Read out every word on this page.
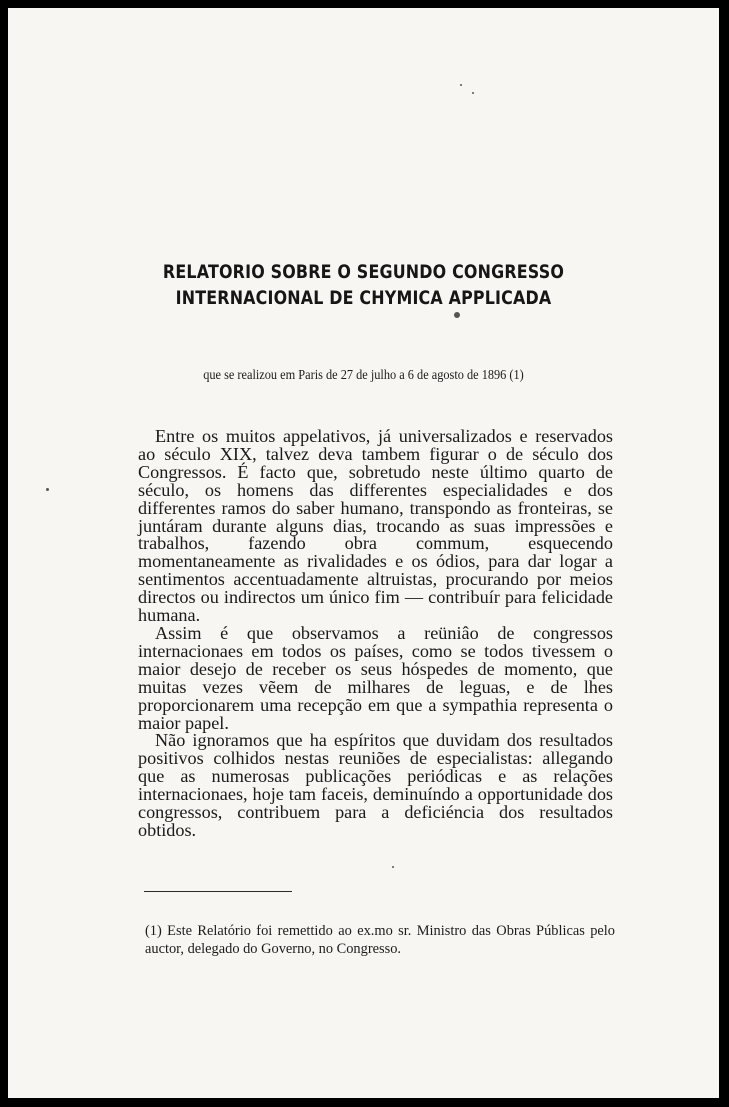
RELATORIO SOBRE O SEGUNDO CONGRESSO
INTERNACIONAL DE CHYMICA APPLICADA
que se realizou em Paris de 27 de julho a 6 de agosto de 1896 (1)

Entre os muitos appelativos, já universalizados e reservados ao século XIX, talvez deva tambem figurar o de século dos Congressos. É facto que, sobretudo neste último quarto de século, os homens das differentes especialidades e dos differentes ramos do saber humano, transpondo as fronteiras, se juntáram durante alguns dias, trocando as suas impressões e trabalhos, fazendo obra commum, esquecendo momentaneamente as rivalidades e os ódios, para dar logar a sentimentos accentuadamente altruistas, procurando por meios directos ou indirectos um único fim — contribuír para felicidade humana.

Assim é que observamos a reüniâo de congressos internacionaes em todos os países, como se todos tivessem o maior desejo de receber os seus hóspedes de momento, que muitas vezes vẽem de milhares de leguas, e de lhes proporcionarem uma recepção em que a sympathia representa o maior papel.

Não ignoramos que ha espíritos que duvidam dos resultados positivos colhidos nestas reuniões de especialistas: allegando que as numerosas publicações periódicas e as relações internacionaes, hoje tam faceis, deminuíndo a opportunidade dos congressos, contribuem para a deficiéncia dos resultados obtidos.

(1) Este Relatório foi remettido ao ex.mo sr. Ministro das Obras Públicas pelo auctor, delegado do Governo, no Congresso.
